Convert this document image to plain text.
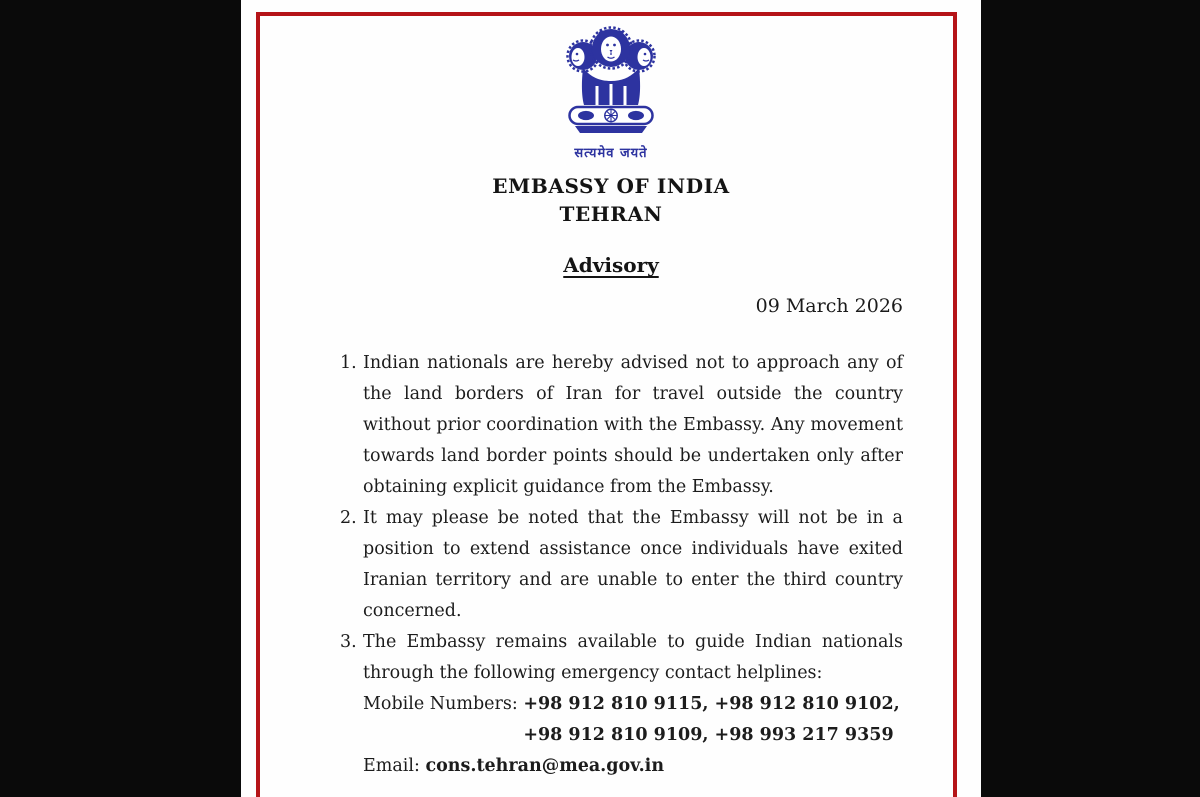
सत्यमेव जयते
EMBASSY OF INDIA
TEHRAN
Advisory
09 March 2026
1. Indian nationals are hereby advised not to approach any of the land borders of Iran for travel outside the country without prior coordination with the Embassy. Any movement towards land border points should be undertaken only after obtaining explicit guidance from the Embassy.
2. It may please be noted that the Embassy will not be in a position to extend assistance once individuals have exited Iranian territory and are unable to enter the third country concerned.
3. The Embassy remains available to guide Indian nationals through the following emergency contact helplines:
Mobile Numbers: +98 912 810 9115, +98 912 810 9102,
+98 912 810 9109, +98 993 217 9359
Email: cons.tehran@mea.gov.in
